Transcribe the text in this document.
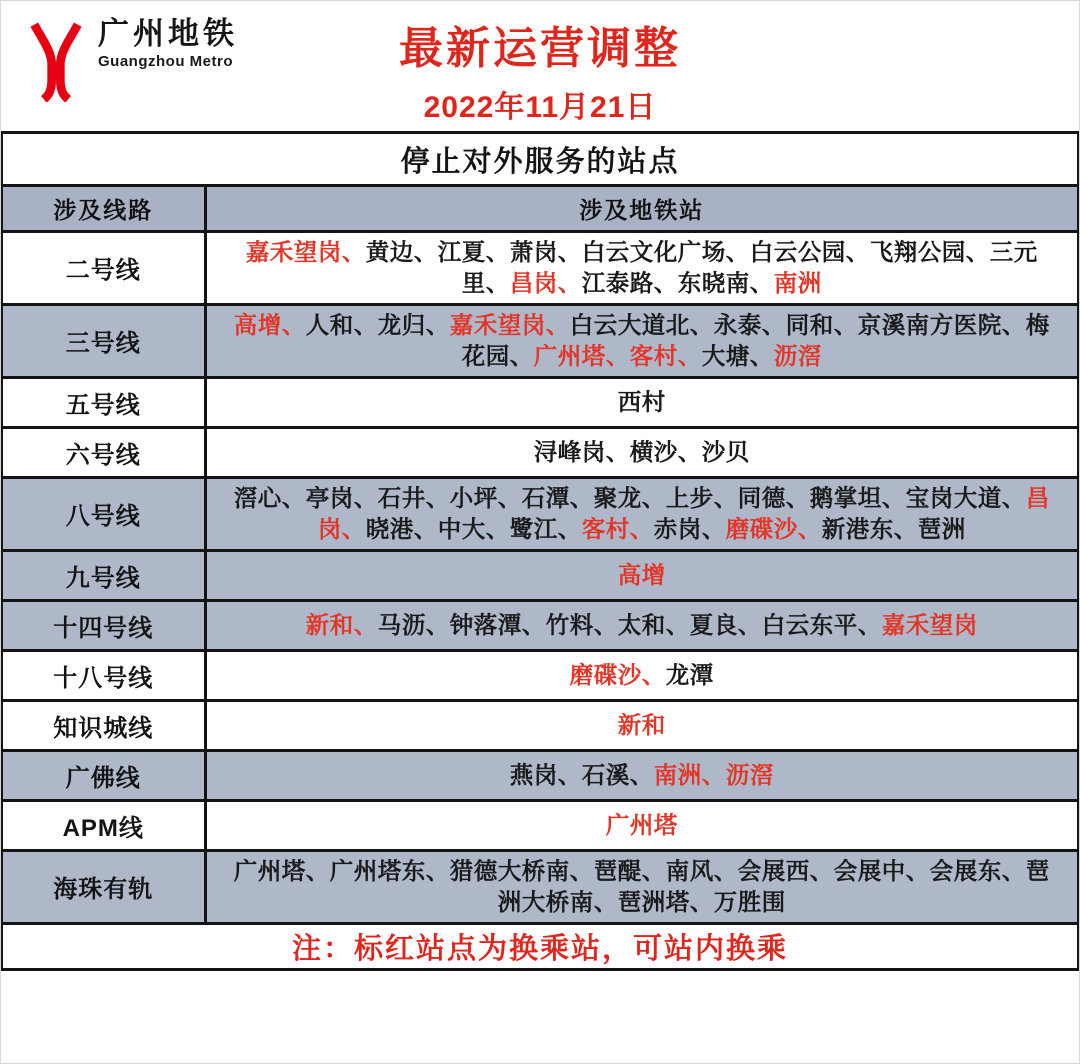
广州地铁
Guangzhou Metro	最新运营调整
2022年11月21日
停止对外服务的站点
涉及线路	涉及地铁站
二号线	嘉禾望岗、黄边、江夏、萧岗、白云文化广场、白云公园、飞翔公园、三元里、昌岗、江泰路、东晓南、南洲
三号线	高增、人和、龙归、嘉禾望岗、白云大道北、永泰、同和、京溪南方医院、梅花园、广州塔、客村、大塘、沥滘
五号线	西村
六号线	浔峰岗、横沙、沙贝
八号线	滘心、亭岗、石井、小坪、石潭、聚龙、上步、同德、鹅掌坦、宝岗大道、昌岗、晓港、中大、鹭江、客村、赤岗、磨碟沙、新港东、琶洲
九号线	高增
十四号线	新和、马沥、钟落潭、竹料、太和、夏良、白云东平、嘉禾望岗
十八号线	磨碟沙、龙潭
知识城线	新和
广佛线	燕岗、石溪、南洲、沥滘
APM线	广州塔
海珠有轨	广州塔、广州塔东、猎德大桥南、琶醍、南风、会展西、会展中、会展东、琶洲大桥南、琶洲塔、万胜围
注：标红站点为换乘站，可站内换乘
